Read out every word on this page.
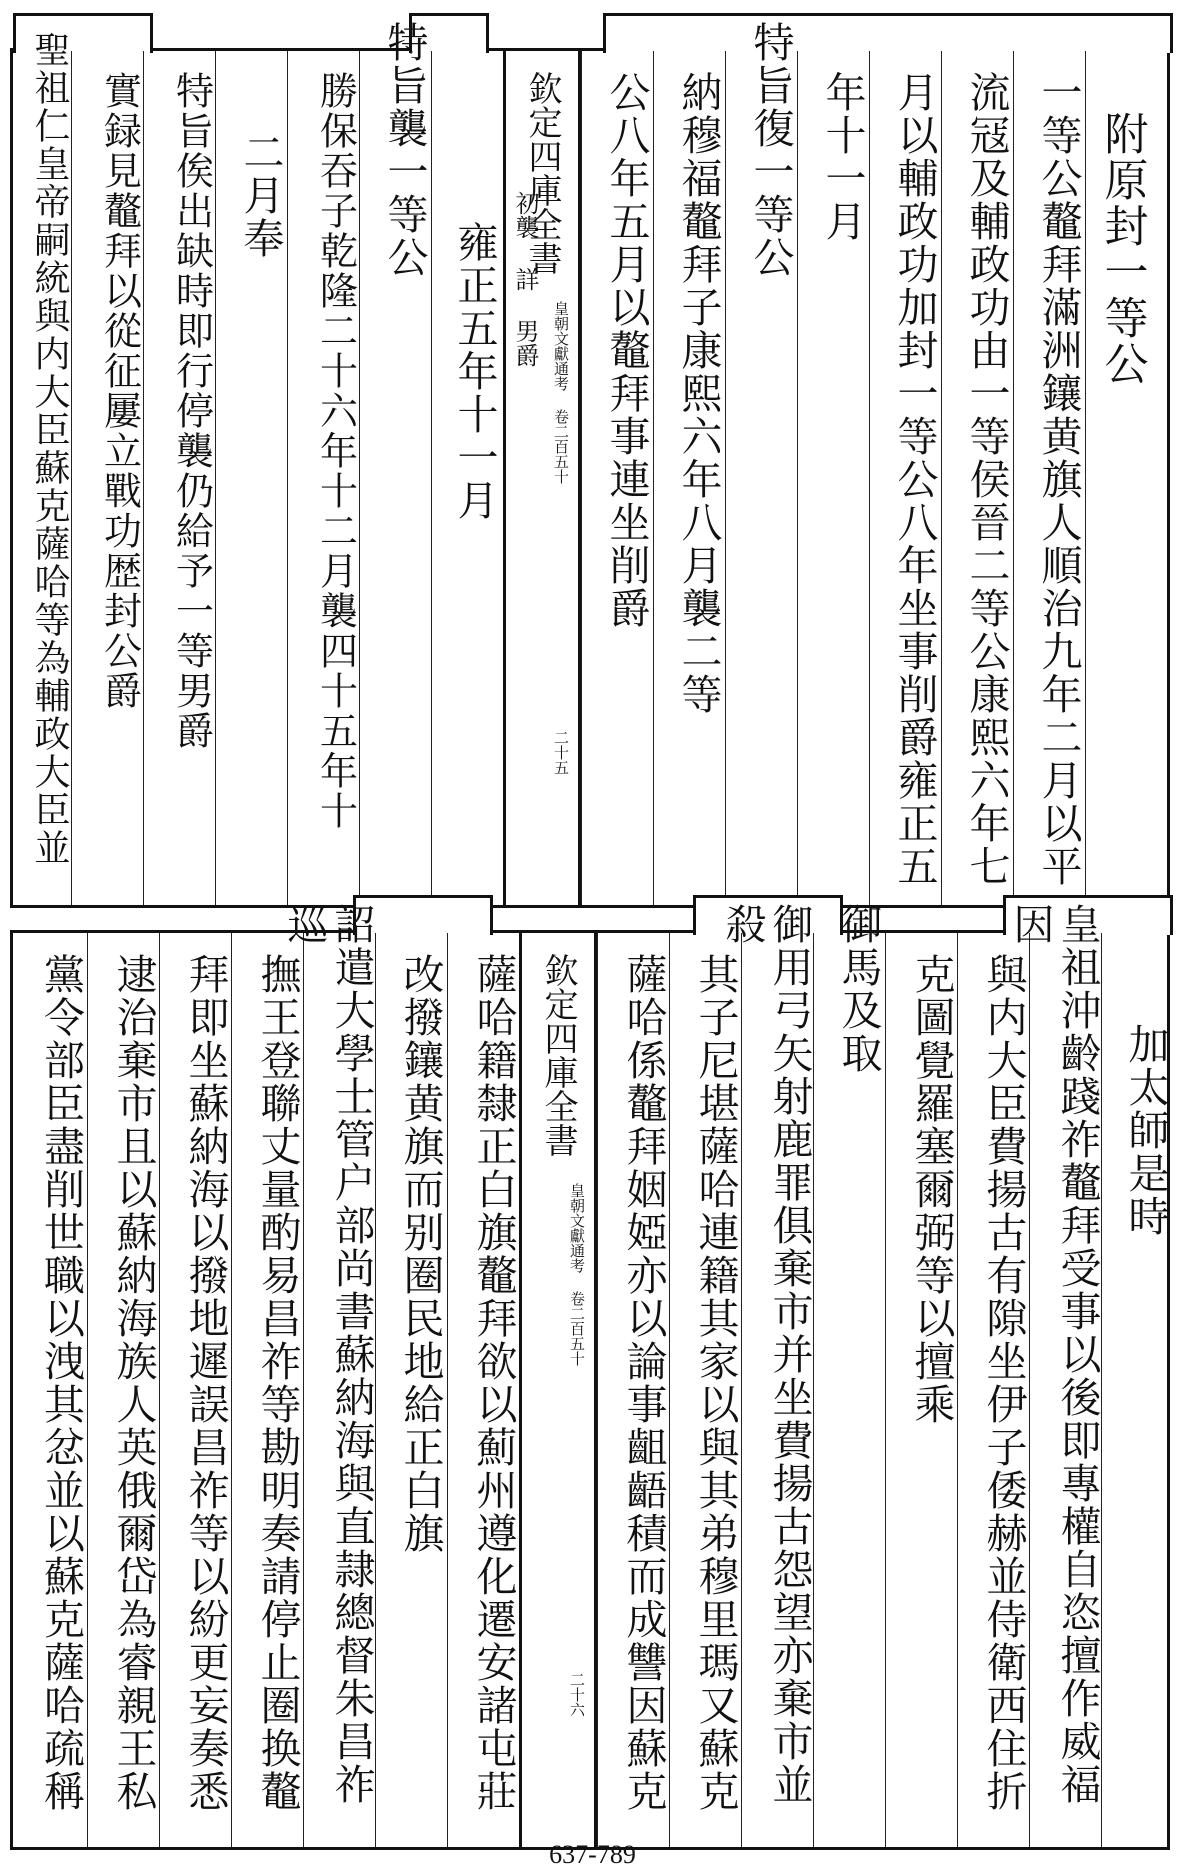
附原封一等公
一等公鼇拜滿洲鑲黄旗人順治九年二月以平
流冦及輔政功由一等侯晉二等公康熙六年七
月以輔政功加封一等公八年坐事削爵雍正五
年十一月
特旨復一等公
納穆福鼇拜子康熙六年八月襲二等
公八年五月以鼇拜事連坐削爵
欽定四庫全書
初襲 詳 男爵
皇朝文獻通考 卷二百五十
二十五
雍正五年十一月
特旨襲一等公
勝保吞子乾隆二十六年十二月襲四十五年十
二月奉
特旨俟出缺時即行停襲仍給予一等男爵
實録見鼇拜以從征屢立戰功歴封公爵
聖祖仁皇帝嗣統與内大臣蘇克薩哈等為輔政大臣並
加太師是時
皇祖沖齡踐祚鼇拜受事以後即專權自恣擅作威福因
與内大臣費揚古有隙坐伊子倭赫並侍衛西住折
克圖覺羅塞爾弼等以擅乘
御馬及取
御用弓矢射鹿罪俱棄市并坐費揚古怨望亦棄市並殺
其子尼堪薩哈連籍其家以與其弟穆里瑪又蘇克
薩哈係鼇拜姻婭亦以論事齟齬積而成讐因蘇克
欽定四庫全書
皇朝文獻通考 卷二百五十
二十六
薩哈籍隸正白旗鼇拜欲以薊州遵化遷安諸屯莊
改撥鑲黄旗而别圈民地給正白旗
詔遣大學士管户部尚書蘇納海與直隷總督朱昌祚巡
撫王登聯丈量酌易昌祚等勘明奏請停止圈换鼇
拜即坐蘇納海以撥地遲誤昌祚等以紛更妄奏悉
逮治棄市且以蘇納海族人英俄爾岱為睿親王私
黨令部臣盡削世職以洩其忿並以蘇克薩哈疏稱
637-789
